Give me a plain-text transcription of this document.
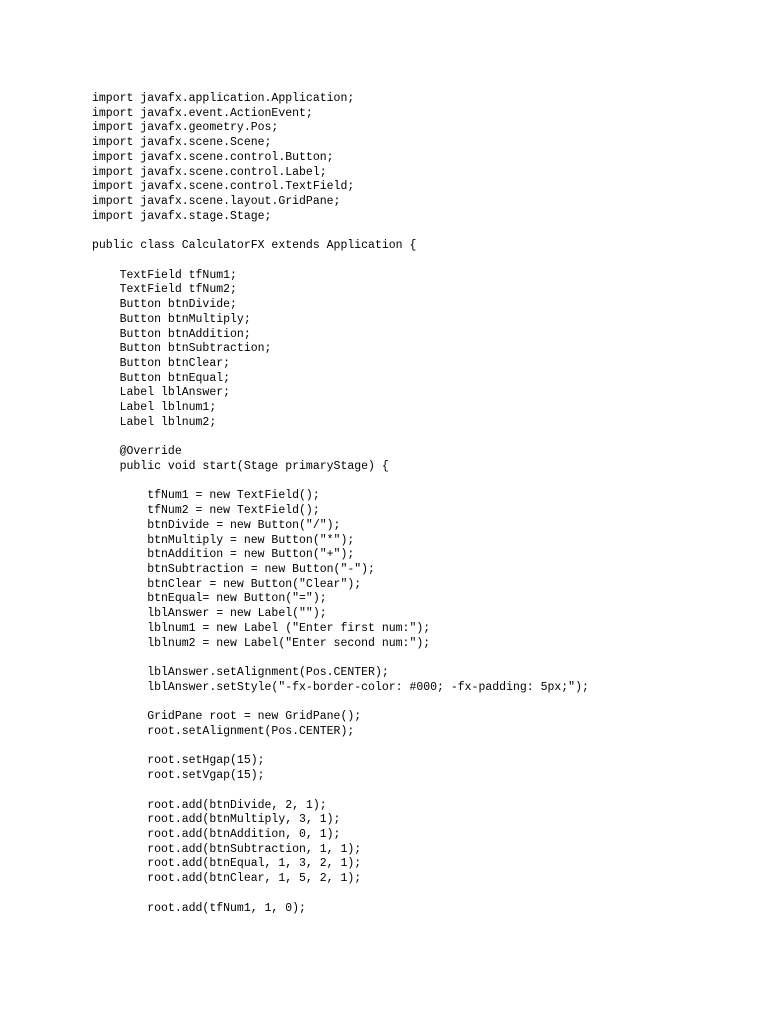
import javafx.application.Application;
import javafx.event.ActionEvent;
import javafx.geometry.Pos;
import javafx.scene.Scene;
import javafx.scene.control.Button;
import javafx.scene.control.Label;
import javafx.scene.control.TextField;
import javafx.scene.layout.GridPane;
import javafx.stage.Stage;
public class CalculatorFX extends Application {
TextField tfNum1;
TextField tfNum2;
Button btnDivide;
Button btnMultiply;
Button btnAddition;
Button btnSubtraction;
Button btnClear;
Button btnEqual;
Label lblAnswer;
Label lblnum1;
Label lblnum2;
@Override
public void start(Stage primaryStage) {
tfNum1 = new TextField();
tfNum2 = new TextField();
btnDivide = new Button("/");
btnMultiply = new Button("*");
btnAddition = new Button("+");
btnSubtraction = new Button("-");
btnClear = new Button("Clear");
btnEqual= new Button("=");
lblAnswer = new Label("");
lblnum1 = new Label ("Enter first num:");
lblnum2 = new Label("Enter second num:");
lblAnswer.setAlignment(Pos.CENTER);
lblAnswer.setStyle("-fx-border-color: #000; -fx-padding: 5px;");
GridPane root = new GridPane();
root.setAlignment(Pos.CENTER);
root.setHgap(15);
root.setVgap(15);
root.add(btnDivide, 2, 1);
root.add(btnMultiply, 3, 1);
root.add(btnAddition, 0, 1);
root.add(btnSubtraction, 1, 1);
root.add(btnEqual, 1, 3, 2, 1);
root.add(btnClear, 1, 5, 2, 1);
root.add(tfNum1, 1, 0);
